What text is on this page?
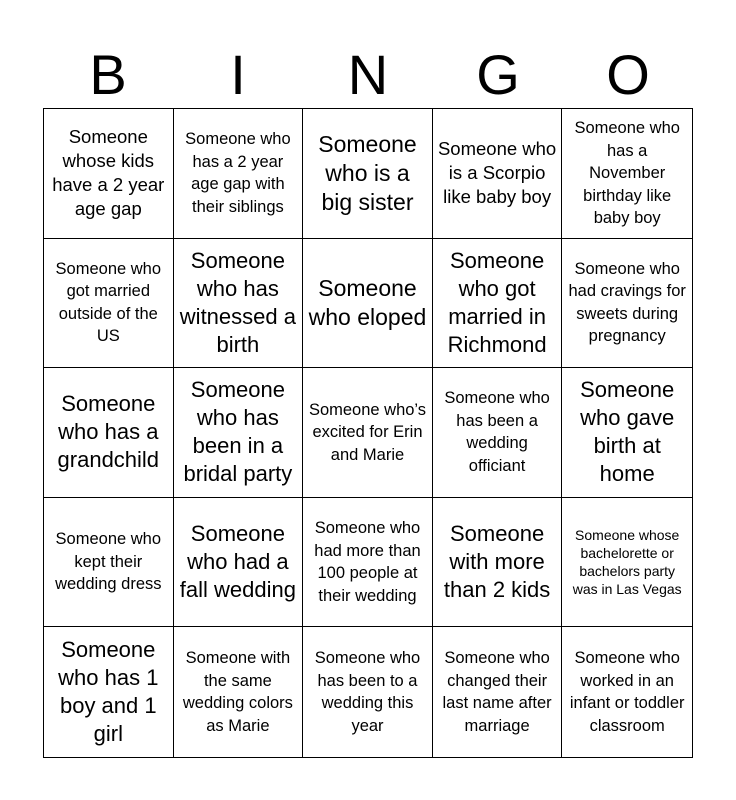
B	I	N	G	O
Someone whose kids have a 2 year age gap
Someone who has a 2 year age gap with their siblings
Someone who is a big sister
Someone who is a Scorpio like baby boy
Someone who has a November birthday like baby boy
Someone who got married outside of the US
Someone who has witnessed a birth
Someone who eloped
Someone who got married in Richmond
Someone who had cravings for sweets during pregnancy
Someone who has a grandchild
Someone who has been in a bridal party
Someone who’s excited for Erin and Marie
Someone who has been a wedding officiant
Someone who gave birth at home
Someone who kept their wedding dress
Someone who had a fall wedding
Someone who had more than 100 people at their wedding
Someone with more than 2 kids
Someone whose bachelorette or bachelors party was in Las Vegas
Someone who has 1 boy and 1 girl
Someone with the same wedding colors as Marie
Someone who has been to a wedding this year
Someone who changed their last name after marriage
Someone who worked in an infant or toddler classroom
